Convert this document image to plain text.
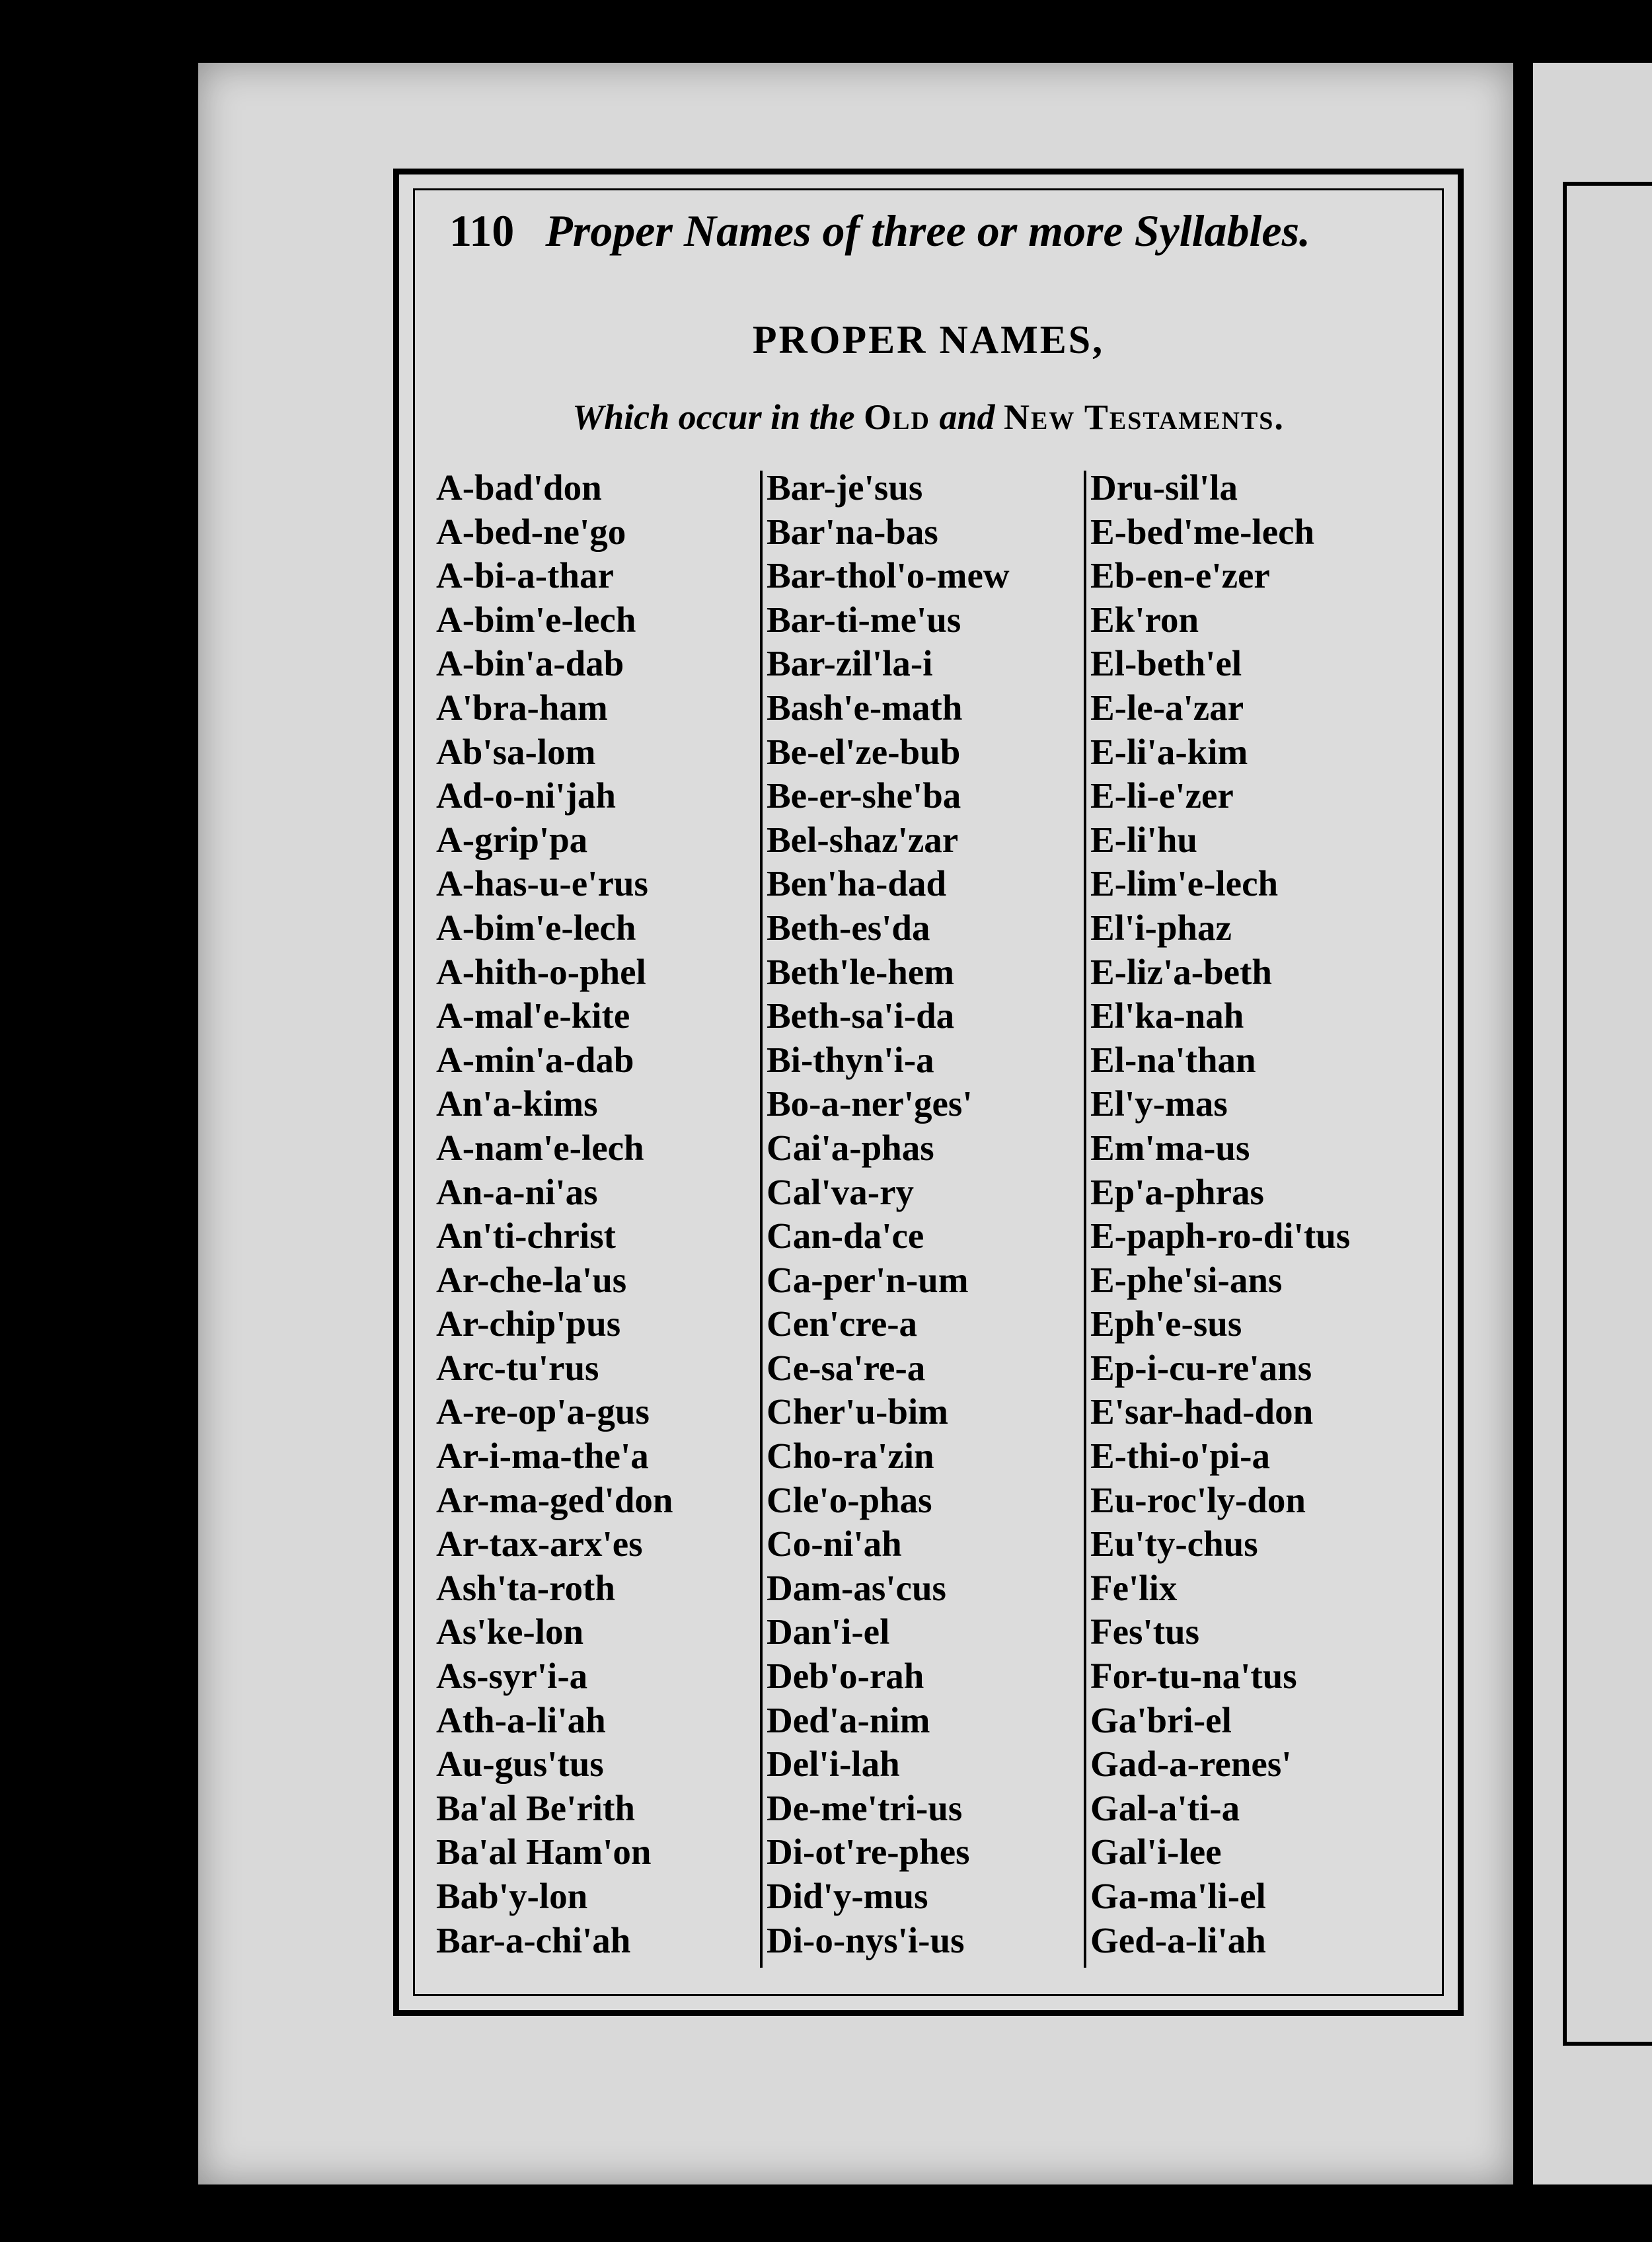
Ge-
Ger
Ger
Gib
Gid
Gol
Go-
Had
Ha-
Hal
Ha-
Han
Har
Haz
Her
He-
Hez
Hi-
Hil-
Hor
Ho-
Hy-
Ja-a
Ich'
Id-u
Jeb'
Jed-
Je-h
Jo-h
Je-h
Je-h
Je-h
Je-h
Je-p
Jer-
Jer'
Jer-
Je-r
110 Proper Names of three or more Syllables.
PROPER NAMES,
Which occur in the Old and New Testaments.
A-bad'don
A-bed-ne'go
A-bi-a-thar
A-bim'e-lech
A-bin'a-dab
A'bra-ham
Ab'sa-lom
Ad-o-ni'jah
A-grip'pa
A-has-u-e'rus
A-bim'e-lech
A-hith-o-phel
A-mal'e-kite
A-min'a-dab
An'a-kims
A-nam'e-lech
An-a-ni'as
An'ti-christ
Ar-che-la'us
Ar-chip'pus
Arc-tu'rus
A-re-op'a-gus
Ar-i-ma-the'a
Ar-ma-ged'don
Ar-tax-arx'es
Ash'ta-roth
As'ke-lon
As-syr'i-a
Ath-a-li'ah
Au-gus'tus
Ba'al Be'rith
Ba'al Ham'on
Bab'y-lon
Bar-a-chi'ah
Bar-je'sus
Bar'na-bas
Bar-thol'o-mew
Bar-ti-me'us
Bar-zil'la-i
Bash'e-math
Be-el'ze-bub
Be-er-she'ba
Bel-shaz'zar
Ben'ha-dad
Beth-es'da
Beth'le-hem
Beth-sa'i-da
Bi-thyn'i-a
Bo-a-ner'ges'
Cai'a-phas
Cal'va-ry
Can-da'ce
Ca-per'n-um
Cen'cre-a
Ce-sa're-a
Cher'u-bim
Cho-ra'zin
Cle'o-phas
Co-ni'ah
Dam-as'cus
Dan'i-el
Deb'o-rah
Ded'a-nim
Del'i-lah
De-me'tri-us
Di-ot're-phes
Did'y-mus
Di-o-nys'i-us
Dru-sil'la
E-bed'me-lech
Eb-en-e'zer
Ek'ron
El-beth'el
E-le-a'zar
E-li'a-kim
E-li-e'zer
E-li'hu
E-lim'e-lech
El'i-phaz
E-liz'a-beth
El'ka-nah
El-na'than
El'y-mas
Em'ma-us
Ep'a-phras
E-paph-ro-di'tus
E-phe'si-ans
Eph'e-sus
Ep-i-cu-re'ans
E'sar-had-don
E-thi-o'pi-a
Eu-roc'ly-don
Eu'ty-chus
Fe'lix
Fes'tus
For-tu-na'tus
Ga'bri-el
Gad-a-renes'
Gal-a'ti-a
Gal'i-lee
Ga-ma'li-el
Ged-a-li'ah
